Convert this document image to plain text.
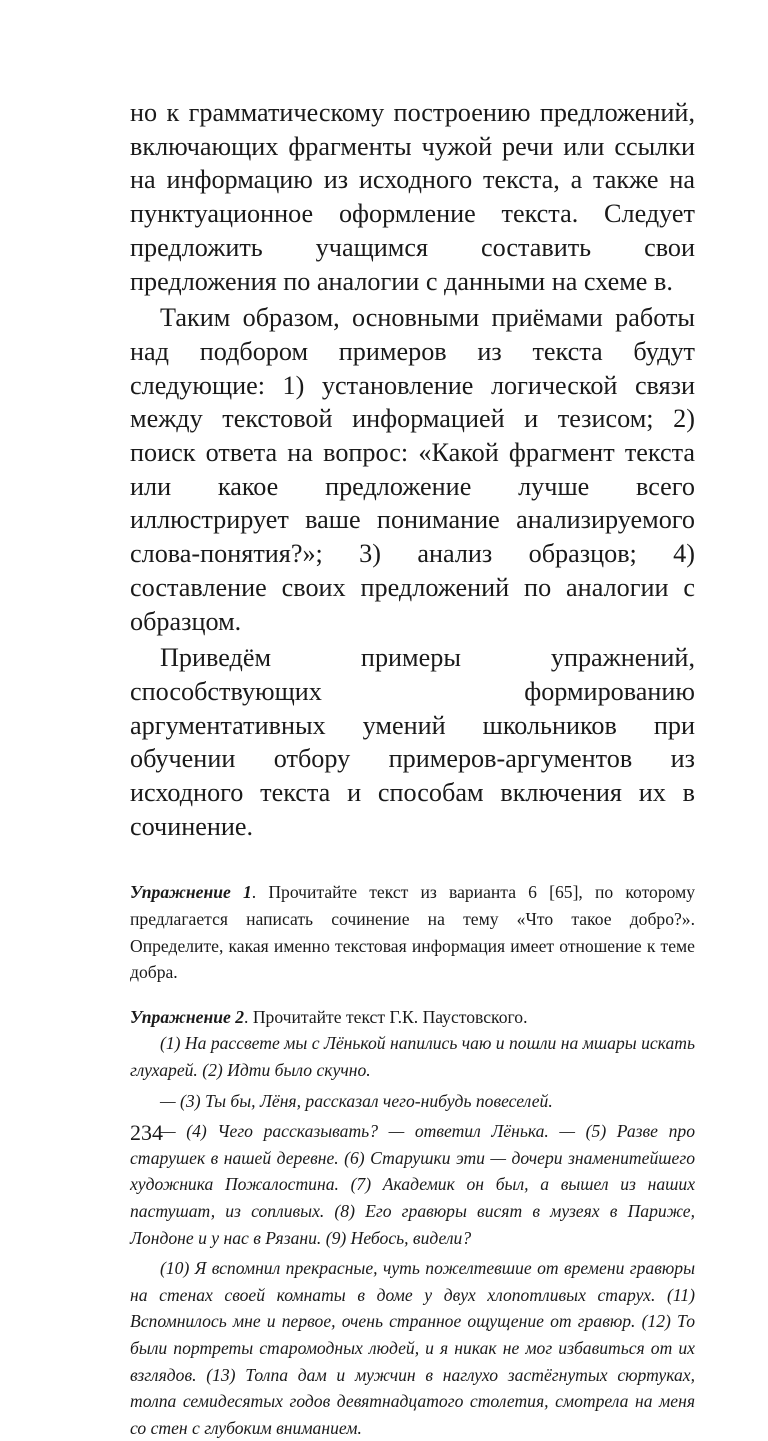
но к грамматическому построению предложений, включающих фрагменты чужой речи или ссылки на информацию из исходного текста, а также на пунктуационное оформление текста. Следует предложить учащимся составить свои предложения по аналогии с данными на схеме в.

Таким образом, основными приёмами работы над подбором примеров из текста будут следующие: 1) установление логической связи между текстовой информацией и тезисом; 2) поиск ответа на вопрос: «Какой фрагмент текста или какое предложение лучше всего иллюстрирует ваше понимание анализируемого слова-понятия?»; 3) анализ образцов; 4) составление своих предложений по аналогии с образцом.

Приведём примеры упражнений, способствующих формированию аргументативных умений школьников при обучении отбору примеров-аргументов из исходного текста и способам включения их в сочинение.

Упражнение 1. Прочитайте текст из варианта 6 [65], по которому предлагается написать сочинение на тему «Что такое добро?». Определите, какая именно текстовая информация имеет отношение к теме добра.

Упражнение 2. Прочитайте текст Г.К. Паустовского.

(1) На рассвете мы с Лёнькой напились чаю и пошли на мшары искать глухарей. (2) Идти было скучно.

— (3) Ты бы, Лёня, рассказал чего-нибудь повеселей.

— (4) Чего рассказывать? — ответил Лёнька. — (5) Разве про старушек в нашей деревне. (6) Старушки эти — дочери знаменитейшего художника Пожалостина. (7) Академик он был, а вышел из наших пастушат, из сопливых. (8) Его гравюры висят в музеях в Париже, Лондоне и у нас в Рязани. (9) Небось, видели?

(10) Я вспомнил прекрасные, чуть пожелтевшие от времени гравюры на стенах своей комнаты в доме у двух хлопотливых старух. (11) Вспомнилось мне и первое, очень странное ощущение от гравюр. (12) То были портреты старомодных людей, и я никак не мог избавиться от их взглядов. (13) Толпа дам и мужчин в наглухо застёгнутых сюртуках, толпа семидесятых годов девятнадцатого столетия, смотрела на меня со стен с глубоким вниманием.

234
